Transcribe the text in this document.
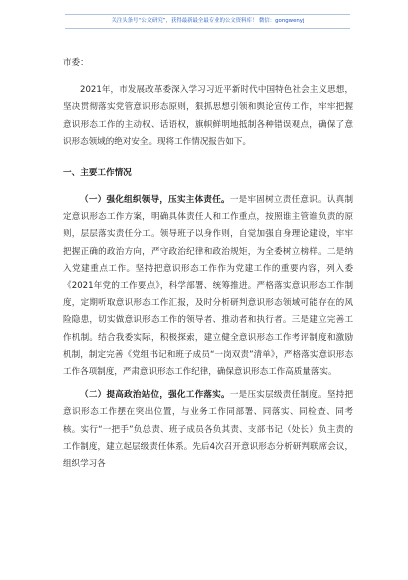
关注头条号“公文研究”，获得最新最全最专业的公文资料库！ 微信：gongwenyj

市委：

2021年，市发展改革委深入学习习近平新时代中国特色社会主义思想，坚决贯彻落实党管意识形态原则，狠抓思想引领和舆论宣传工作，牢牢把握意识形态工作的主动权、话语权，旗帜鲜明地抵制各种错误观点，确保了意识形态领域的绝对安全。现将工作情况报告如下。

一、主要工作情况

（一）强化组织领导，压实主体责任。一是牢固树立责任意识。认真制定意识形态工作方案，明确具体责任人和工作重点，按照谁主管谁负责的原则，层层落实责任分工。领导班子以身作则，自觉加强自身理论建设，牢牢把握正确的政治方向，严守政治纪律和政治规矩，为全委树立榜样。二是纳入党建重点工作。坚持把意识形态工作作为党建工作的重要内容，列入委《2021年党的工作要点》，科学部署、统筹推进。严格落实意识形态工作制度，定期听取意识形态工作汇报，及时分析研判意识形态领域可能存在的风险隐患，切实做意识形态工作的领导者、推动者和执行者。三是建立完善工作机制。结合我委实际，积极探索，建立健全意识形态工作考评制度和激励机制，制定完善《党组书记和班子成员“一岗双责”清单》，严格落实意识形态工作各项制度，严肃意识形态工作纪律，确保意识形态工作高质量落实。

（二）提高政治站位，强化工作落实。一是压实层级责任制度。坚持把意识形态工作摆在突出位置，与业务工作同部署、同落实、同检查、同考核。实行“一把手”负总责、班子成员各负其责、支部书记（处长）负主责的工作制度，建立起层级责任体系。先后4次召开意识形态分析研判联席会议，组织学习各
